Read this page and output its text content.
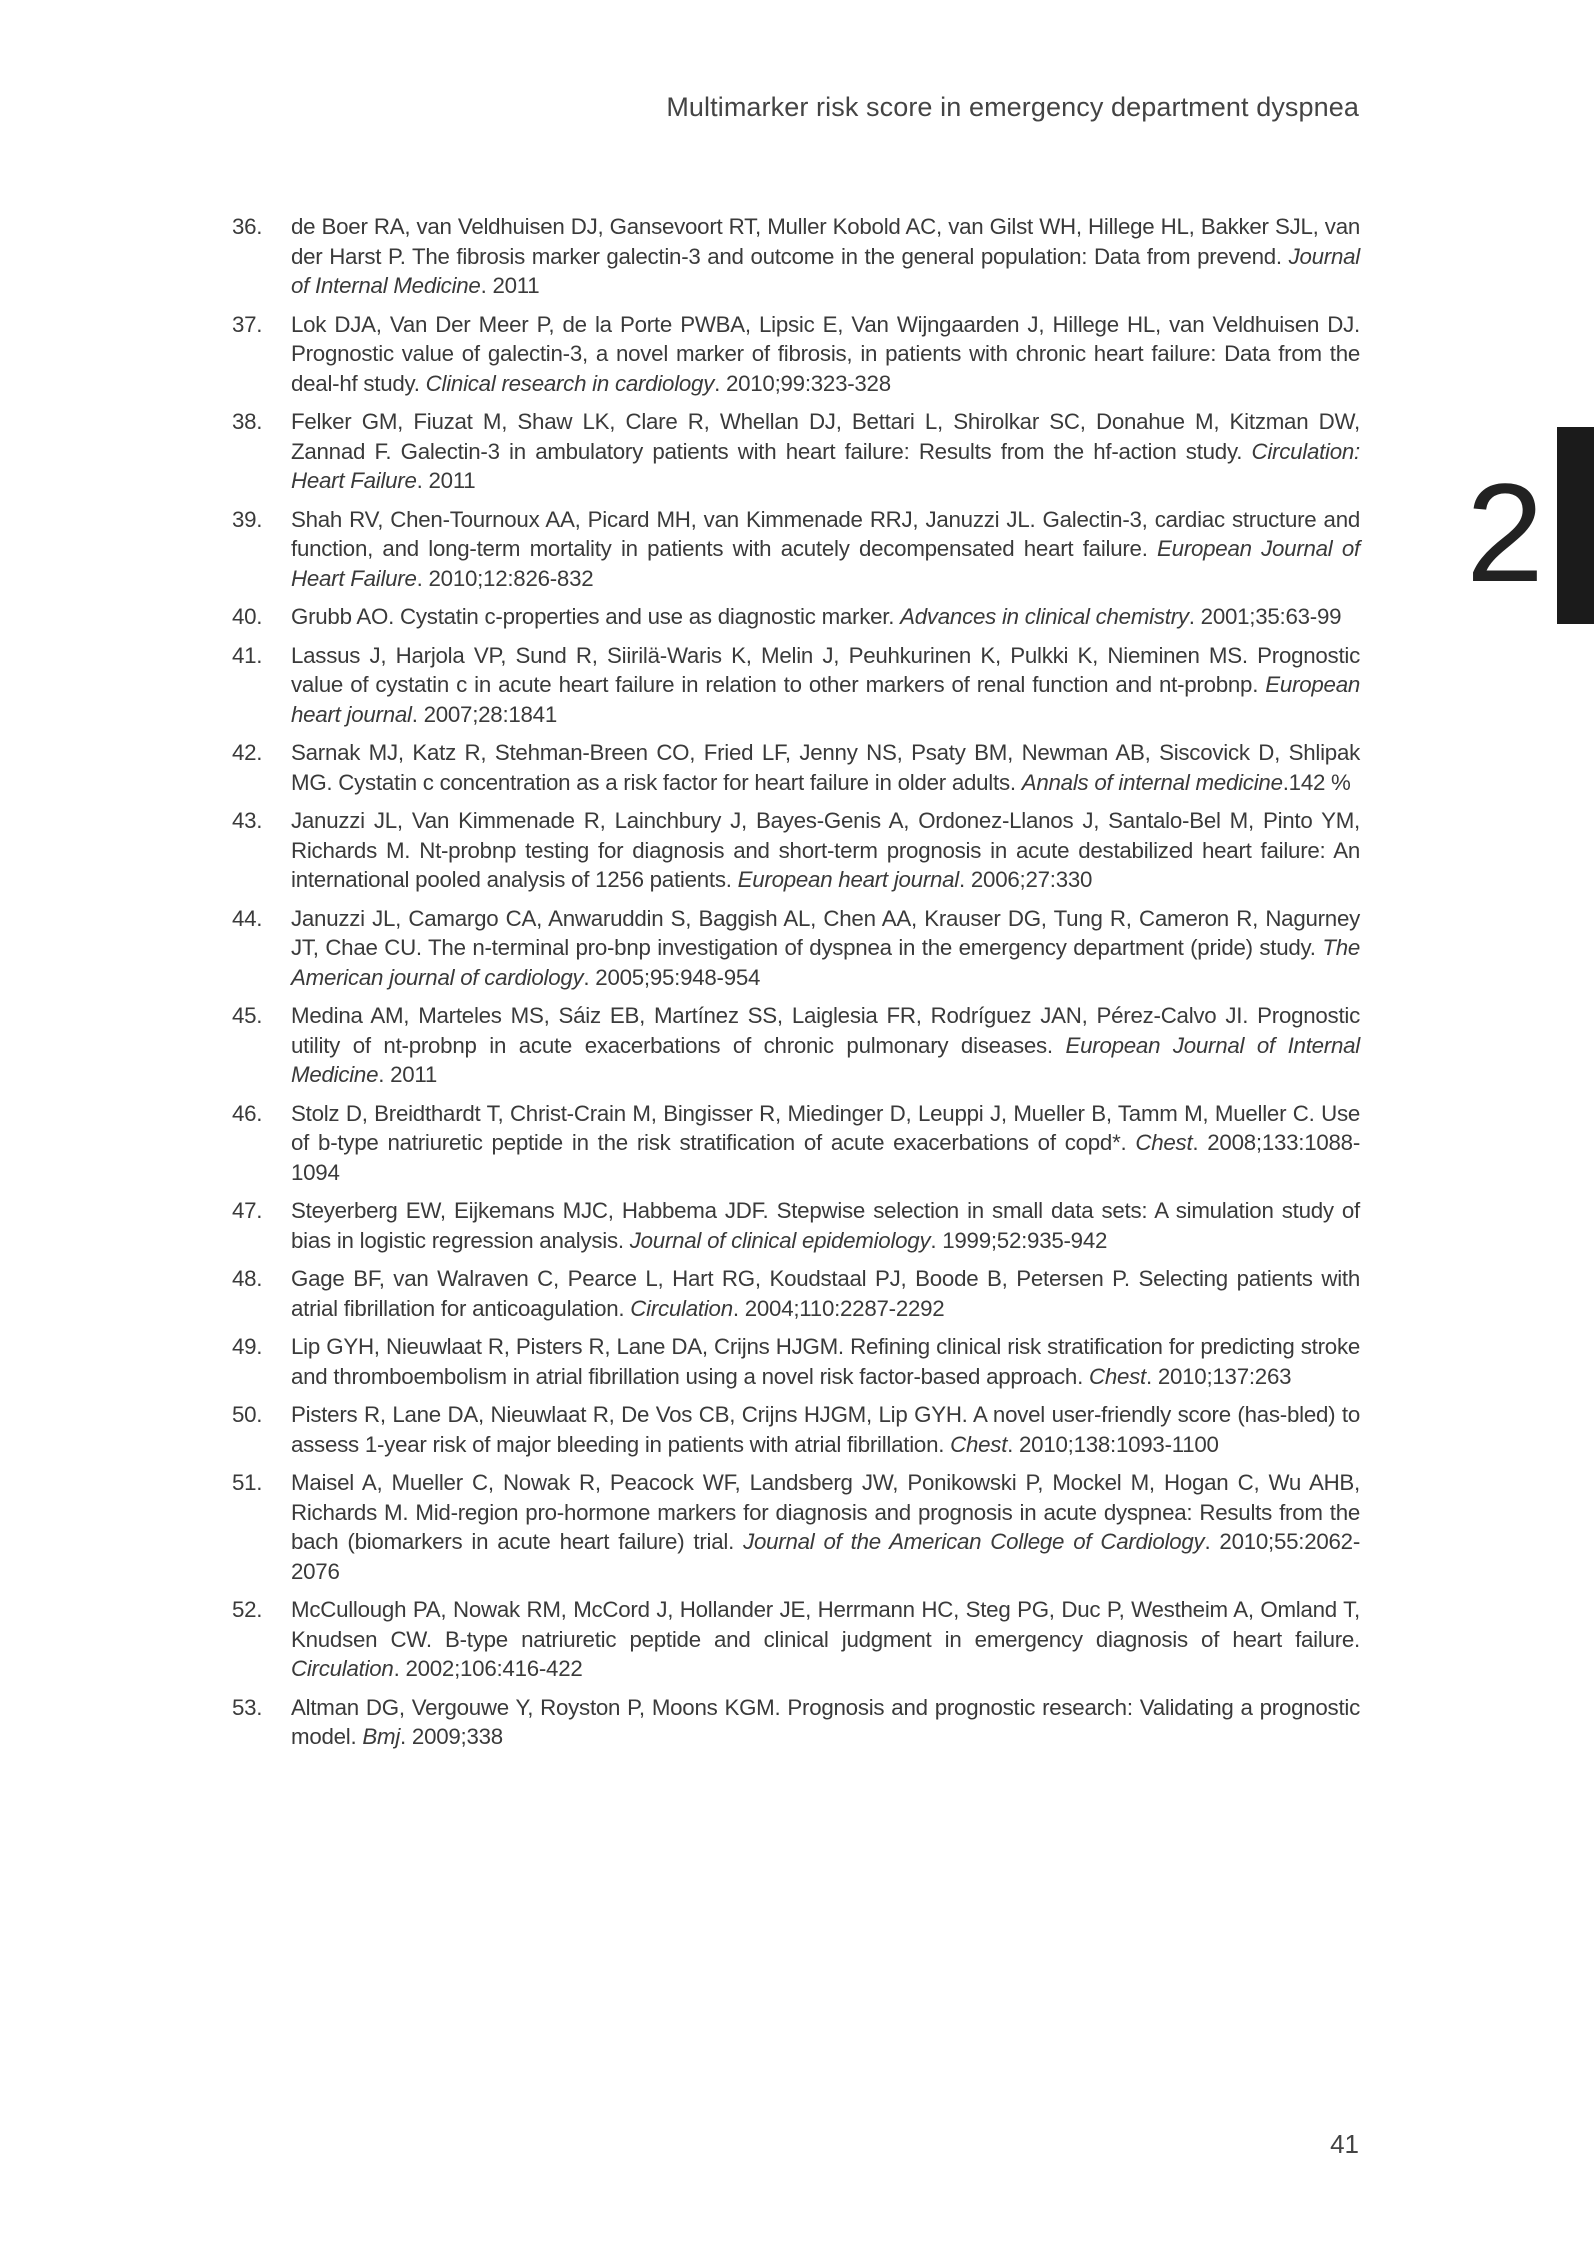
Multimarker risk score in emergency department dyspnea
2
36. de Boer RA, van Veldhuisen DJ, Gansevoort RT, Muller Kobold AC, van Gilst WH, Hillege HL, Bakker SJL, van der Harst P. The fibrosis marker galectin-3 and outcome in the general population: Data from prevend. Journal of Internal Medicine. 2011
37. Lok DJA, Van Der Meer P, de la Porte PWBA, Lipsic E, Van Wijngaarden J, Hillege HL, van Veldhuisen DJ. Prognostic value of galectin-3, a novel marker of fibrosis, in patients with chronic heart failure: Data from the deal-hf study. Clinical research in cardiology. 2010;99:323-328
38. Felker GM, Fiuzat M, Shaw LK, Clare R, Whellan DJ, Bettari L, Shirolkar SC, Donahue M, Kitzman DW, Zannad F. Galectin-3 in ambulatory patients with heart failure: Results from the hf-action study. Circulation: Heart Failure. 2011
39. Shah RV, Chen-Tournoux AA, Picard MH, van Kimmenade RRJ, Januzzi JL. Galectin-3, cardiac structure and function, and long-term mortality in patients with acutely decompensated heart failure. European Journal of Heart Failure. 2010;12:826-832
40. Grubb AO. Cystatin c-properties and use as diagnostic marker. Advances in clinical chemistry. 2001;35:63-99
41. Lassus J, Harjola VP, Sund R, Siirilä-Waris K, Melin J, Peuhkurinen K, Pulkki K, Nieminen MS. Prognostic value of cystatin c in acute heart failure in relation to other markers of renal function and nt-probnp. European heart journal. 2007;28:1841
42. Sarnak MJ, Katz R, Stehman-Breen CO, Fried LF, Jenny NS, Psaty BM, Newman AB, Siscovick D, Shlipak MG. Cystatin c concentration as a risk factor for heart failure in older adults. Annals of internal medicine.142 %
43. Januzzi JL, Van Kimmenade R, Lainchbury J, Bayes-Genis A, Ordonez-Llanos J, Santalo-Bel M, Pinto YM, Richards M. Nt-probnp testing for diagnosis and short-term prognosis in acute destabilized heart failure: An international pooled analysis of 1256 patients. European heart journal. 2006;27:330
44. Januzzi JL, Camargo CA, Anwaruddin S, Baggish AL, Chen AA, Krauser DG, Tung R, Cameron R, Nagurney JT, Chae CU. The n-terminal pro-bnp investigation of dyspnea in the emergency department (pride) study. The American journal of cardiology. 2005;95:948-954
45. Medina AM, Marteles MS, Sáiz EB, Martínez SS, Laiglesia FR, Rodríguez JAN, Pérez-Calvo JI. Prognostic utility of nt-probnp in acute exacerbations of chronic pulmonary diseases. European Journal of Internal Medicine. 2011
46. Stolz D, Breidthardt T, Christ-Crain M, Bingisser R, Miedinger D, Leuppi J, Mueller B, Tamm M, Mueller C. Use of b-type natriuretic peptide in the risk stratification of acute exacerbations of copd*. Chest. 2008;133:1088-1094
47. Steyerberg EW, Eijkemans MJC, Habbema JDF. Stepwise selection in small data sets: A simulation study of bias in logistic regression analysis. Journal of clinical epidemiology. 1999;52:935-942
48. Gage BF, van Walraven C, Pearce L, Hart RG, Koudstaal PJ, Boode B, Petersen P. Selecting patients with atrial fibrillation for anticoagulation. Circulation. 2004;110:2287-2292
49. Lip GYH, Nieuwlaat R, Pisters R, Lane DA, Crijns HJGM. Refining clinical risk stratification for predicting stroke and thromboembolism in atrial fibrillation using a novel risk factor-based approach. Chest. 2010;137:263
50. Pisters R, Lane DA, Nieuwlaat R, De Vos CB, Crijns HJGM, Lip GYH. A novel user-friendly score (has-bled) to assess 1-year risk of major bleeding in patients with atrial fibrillation. Chest. 2010;138:1093-1100
51. Maisel A, Mueller C, Nowak R, Peacock WF, Landsberg JW, Ponikowski P, Mockel M, Hogan C, Wu AHB, Richards M. Mid-region pro-hormone markers for diagnosis and prognosis in acute dyspnea: Results from the bach (biomarkers in acute heart failure) trial. Journal of the American College of Cardiology. 2010;55:2062-2076
52. McCullough PA, Nowak RM, McCord J, Hollander JE, Herrmann HC, Steg PG, Duc P, Westheim A, Omland T, Knudsen CW. B-type natriuretic peptide and clinical judgment in emergency diagnosis of heart failure. Circulation. 2002;106:416-422
53. Altman DG, Vergouwe Y, Royston P, Moons KGM. Prognosis and prognostic research: Validating a prognostic model. Bmj. 2009;338
41
